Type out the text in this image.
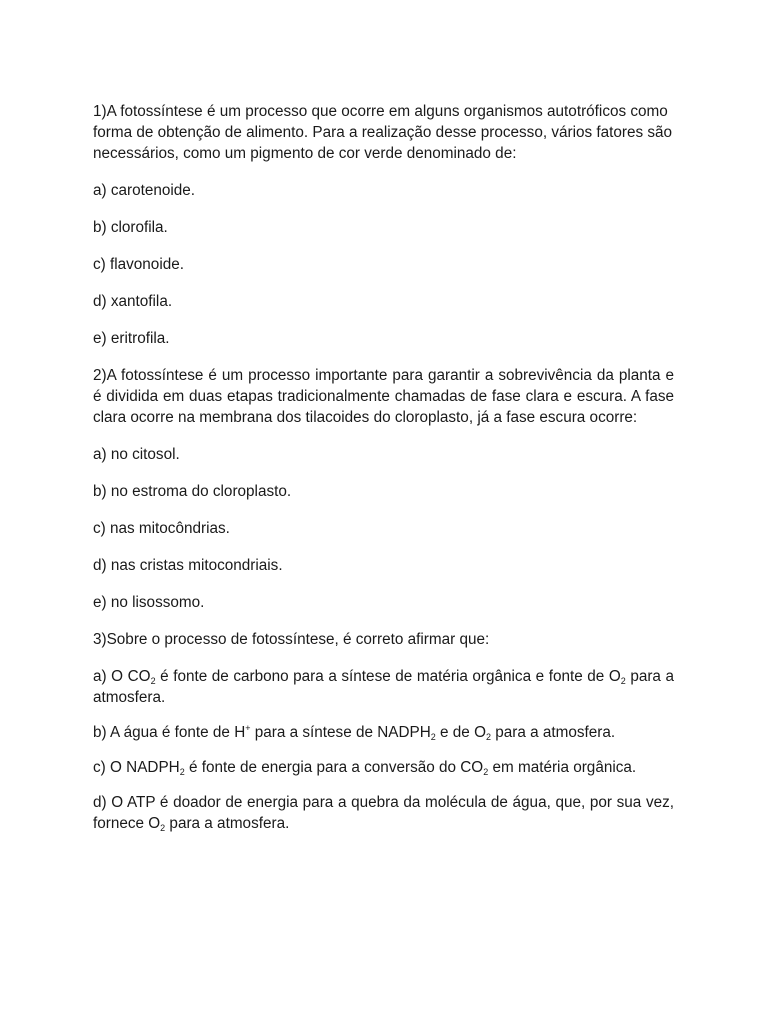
1)A fotossíntese é um processo que ocorre em alguns organismos autotróficos como forma de obtenção de alimento. Para a realização desse processo, vários fatores são necessários, como um pigmento de cor verde denominado de:

a) carotenoide.

b) clorofila.

c) flavonoide.

d) xantofila.

e) eritrofila.

2)A fotossíntese é um processo importante para garantir a sobrevivência da planta e é dividida em duas etapas tradicionalmente chamadas de fase clara e escura. A fase clara ocorre na membrana dos tilacoides do cloroplasto, já a fase escura ocorre:

a) no citosol.

b) no estroma do cloroplasto.

c) nas mitocôndrias.

d) nas cristas mitocondriais.

e) no lisossomo.

3)Sobre o processo de fotossíntese, é correto afirmar que:

a) O $CO_2$ é fonte de carbono para a síntese de matéria orgânica e fonte de $O_2$ para a atmosfera.

b) A água é fonte de H+ para a síntese de $NADPH_2$ e de $O_2$ para a atmosfera.

c) O $NADPH_2$ é fonte de energia para a conversão do $CO_2$ em matéria orgânica.

d) O ATP é doador de energia para a quebra da molécula de água, que, por sua vez, fornece $O_2$ para a atmosfera.
